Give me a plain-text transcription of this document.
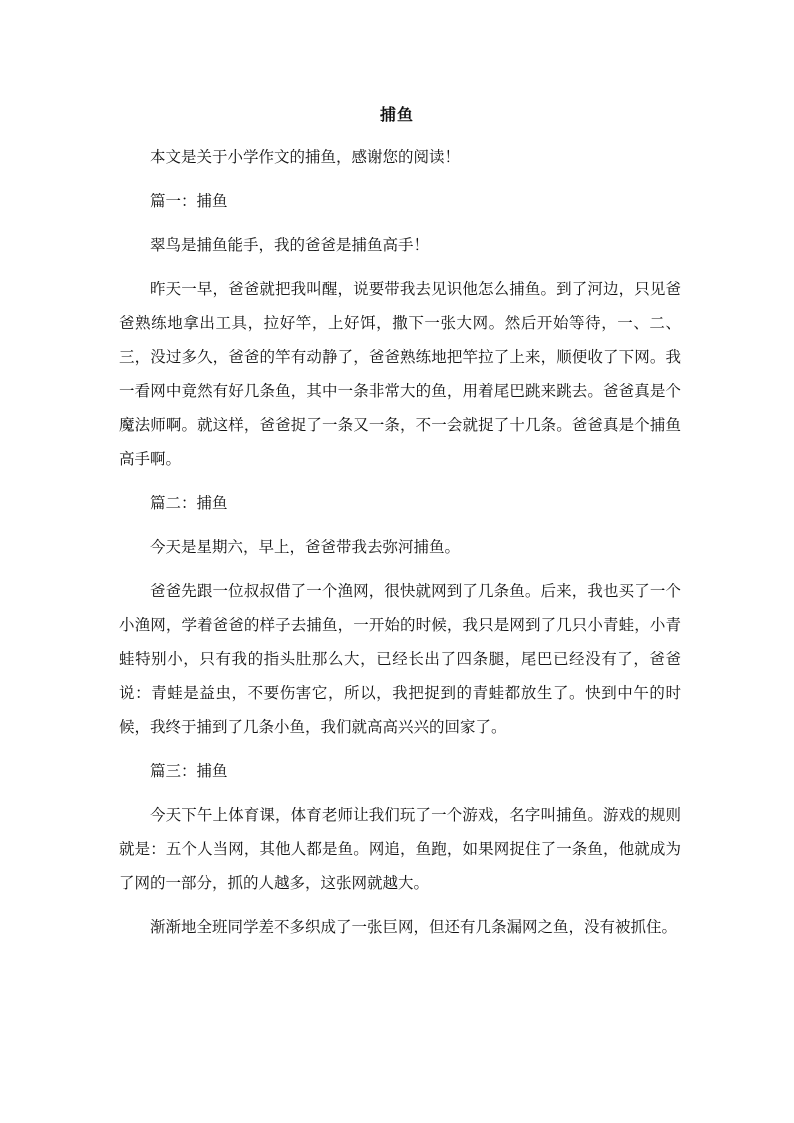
捕鱼

本文是关于小学作文的捕鱼，感谢您的阅读！

篇一：捕鱼

翠鸟是捕鱼能手，我的爸爸是捕鱼高手！

昨天一早，爸爸就把我叫醒，说要带我去见识他怎么捕鱼。到了河边，只见爸爸熟练地拿出工具，拉好竿，上好饵，撒下一张大网。然后开始等待，一、二、三，没过多久，爸爸的竿有动静了，爸爸熟练地把竿拉了上来，顺便收了下网。我一看网中竟然有好几条鱼，其中一条非常大的鱼，用着尾巴跳来跳去。爸爸真是个魔法师啊。就这样，爸爸捉了一条又一条，不一会就捉了十几条。爸爸真是个捕鱼高手啊。

篇二：捕鱼

今天是星期六，早上，爸爸带我去弥河捕鱼。

爸爸先跟一位叔叔借了一个渔网，很快就网到了几条鱼。后来，我也买了一个小渔网，学着爸爸的样子去捕鱼，一开始的时候，我只是网到了几只小青蛙，小青蛙特别小，只有我的指头肚那么大，已经长出了四条腿，尾巴已经没有了，爸爸说：青蛙是益虫，不要伤害它，所以，我把捉到的青蛙都放生了。快到中午的时候，我终于捕到了几条小鱼，我们就高高兴兴的回家了。

篇三：捕鱼

今天下午上体育课，体育老师让我们玩了一个游戏，名字叫捕鱼。游戏的规则就是：五个人当网，其他人都是鱼。网追，鱼跑，如果网捉住了一条鱼，他就成为了网的一部分，抓的人越多，这张网就越大。

渐渐地全班同学差不多织成了一张巨网，但还有几条漏网之鱼，没有被抓住。
